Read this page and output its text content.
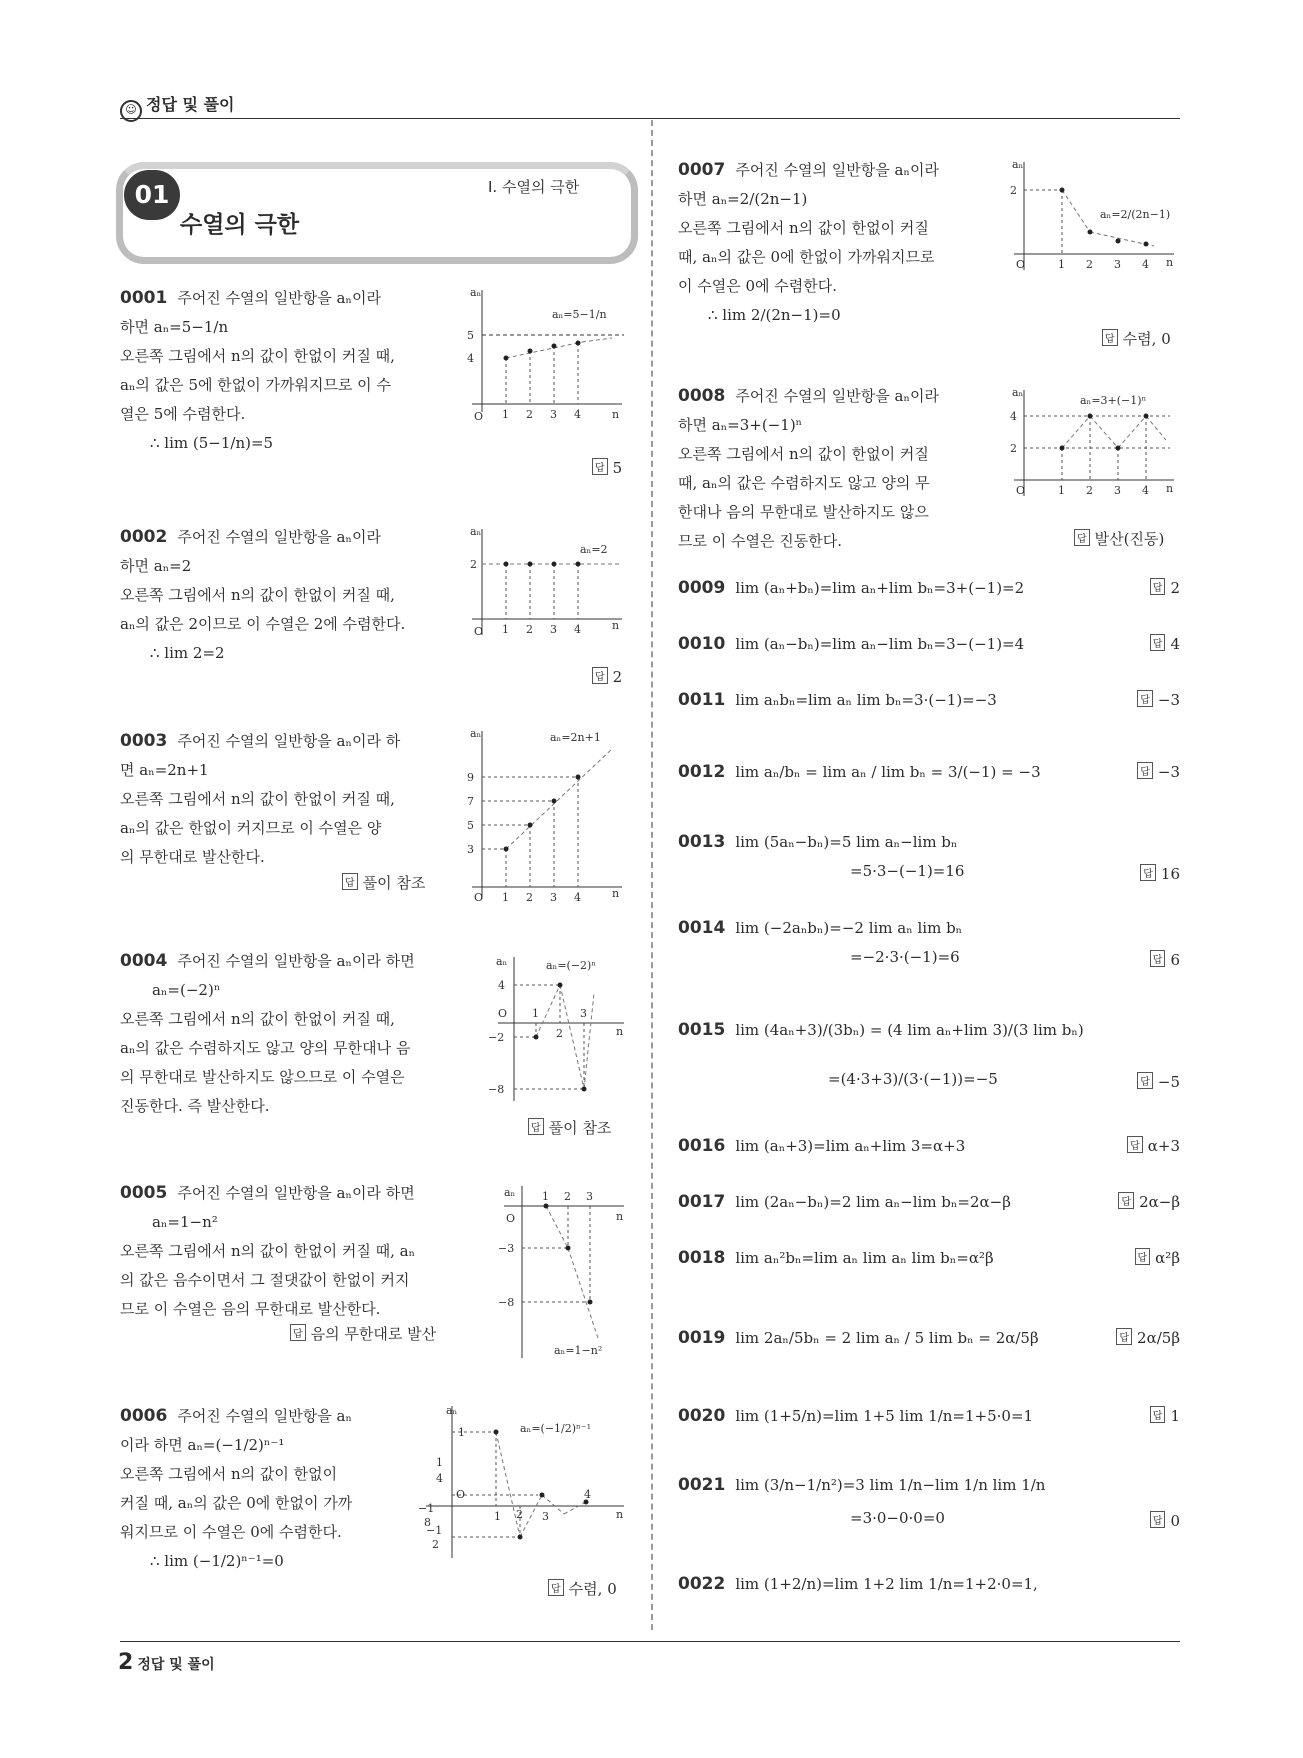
☺ 정답 및 풀이
01
수열의 극한
I. 수열의 극한
0001 주어진 수열의 일반항을 aₙ이라
하면 aₙ=5−1/n
오른쪽 그림에서 n의 값이 한없이 커질 때,
aₙ의 값은 5에 한없이 가까워지므로 이 수
열은 5에 수렴한다.
∴ lim (5−1/n)=5
답 5
O	n
aₙ
5
4
1 2 3 4
aₙ=5−1/n
0002 주어진 수열의 일반항을 aₙ이라
하면 aₙ=2
오른쪽 그림에서 n의 값이 한없이 커질 때,
aₙ의 값은 2이므로 이 수열은 2에 수렴한다.
∴ lim 2=2
답 2
O	n
aₙ
2
1 2 3 4
aₙ=2
0003 주어진 수열의 일반항을 aₙ이라 하
면 aₙ=2n+1
오른쪽 그림에서 n의 값이 한없이 커질 때,
aₙ의 값은 한없이 커지므로 이 수열은 양
의 무한대로 발산한다.
답 풀이 참조
O	n
aₙ
9
7
5
3
1 2 3 4
aₙ=2n+1
0004 주어진 수열의 일반항을 aₙ이라 하면
aₙ=(−2)ⁿ
오른쪽 그림에서 n의 값이 한없이 커질 때,
aₙ의 값은 수렴하지도 않고 양의 무한대나 음
의 무한대로 발산하지도 않으므로 이 수열은
진동한다. 즉 발산한다.
답 풀이 참조
aₙ
O
n
4
−2
−8
1
2
3
aₙ=(−2)ⁿ
0005 주어진 수열의 일반항을 aₙ이라 하면
aₙ=1−n²
오른쪽 그림에서 n의 값이 한없이 커질 때, aₙ
의 값은 음수이면서 그 절댓값이 한없이 커지
므로 이 수열은 음의 무한대로 발산한다.
답 음의 무한대로 발산
aₙ
O	n
−3
−8
1 2 3
aₙ=1−n²
0006 주어진 수열의 일반항을 aₙ
이라 하면 aₙ=(−1/2)ⁿ⁻¹
오른쪽 그림에서 n의 값이 한없이
커질 때, aₙ의 값은 0에 한없이 가까
워지므로 이 수열은 0에 수렴한다.
∴ lim (−1/2)ⁿ⁻¹=0
답 수렴, 0
aₙ
O
n
1
1
4
−1
8
−1
2
1 2 3
4
aₙ=(−1/2)ⁿ⁻¹
0007 주어진 수열의 일반항을 aₙ이라
하면 aₙ=2/(2n−1)
오른쪽 그림에서 n의 값이 한없이 커질
때, aₙ의 값은 0에 한없이 가까워지므로
이 수열은 0에 수렴한다.
∴ lim 2/(2n−1)=0
답 수렴, 0
O	n
aₙ
2
1 2 3 4
aₙ=2/(2n−1)
0008 주어진 수열의 일반항을 aₙ이라
하면 aₙ=3+(−1)ⁿ
오른쪽 그림에서 n의 값이 한없이 커질
때, aₙ의 값은 수렴하지도 않고 양의 무
한대나 음의 무한대로 발산하지도 않으
므로 이 수열은 진동한다.	답 발산(진동)
O	n
aₙ
4
2
1 2 3 4
aₙ=3+(−1)ⁿ
0009 lim (aₙ+bₙ)=lim aₙ+lim bₙ=3+(−1)=2	답 2
0010 lim (aₙ−bₙ)=lim aₙ−lim bₙ=3−(−1)=4	답 4
0011 lim aₙbₙ=lim aₙ lim bₙ=3·(−1)=−3	답 −3
0012 lim aₙ/bₙ = lim aₙ / lim bₙ = 3/(−1) = −3	답 −3
0013 lim (5aₙ−bₙ)=5 lim aₙ−lim bₙ
=5·3−(−1)=16	답 16
0014 lim (−2aₙbₙ)=−2 lim aₙ lim bₙ
=−2·3·(−1)=6	답 6
0015 lim (4aₙ+3)/(3bₙ) = (4 lim aₙ+lim 3)/(3 lim bₙ)
=(4·3+3)/(3·(−1))=−5	답 −5
0016 lim (aₙ+3)=lim aₙ+lim 3=α+3	답 α+3
0017 lim (2aₙ−bₙ)=2 lim aₙ−lim bₙ=2α−β	답 2α−β
0018 lim aₙ²bₙ=lim aₙ lim aₙ lim bₙ=α²β	답 α²β
0019 lim 2aₙ/5bₙ = 2 lim aₙ / 5 lim bₙ = 2α/5β	답 2α/5β
0020 lim (1+5/n)=lim 1+5 lim 1/n=1+5·0=1	답 1
0021 lim (3/n−1/n²)=3 lim 1/n−lim 1/n lim 1/n
=3·0−0·0=0	답 0
0022 lim (1+2/n)=lim 1+2 lim 1/n=1+2·0=1,
2 정답 및 풀이
